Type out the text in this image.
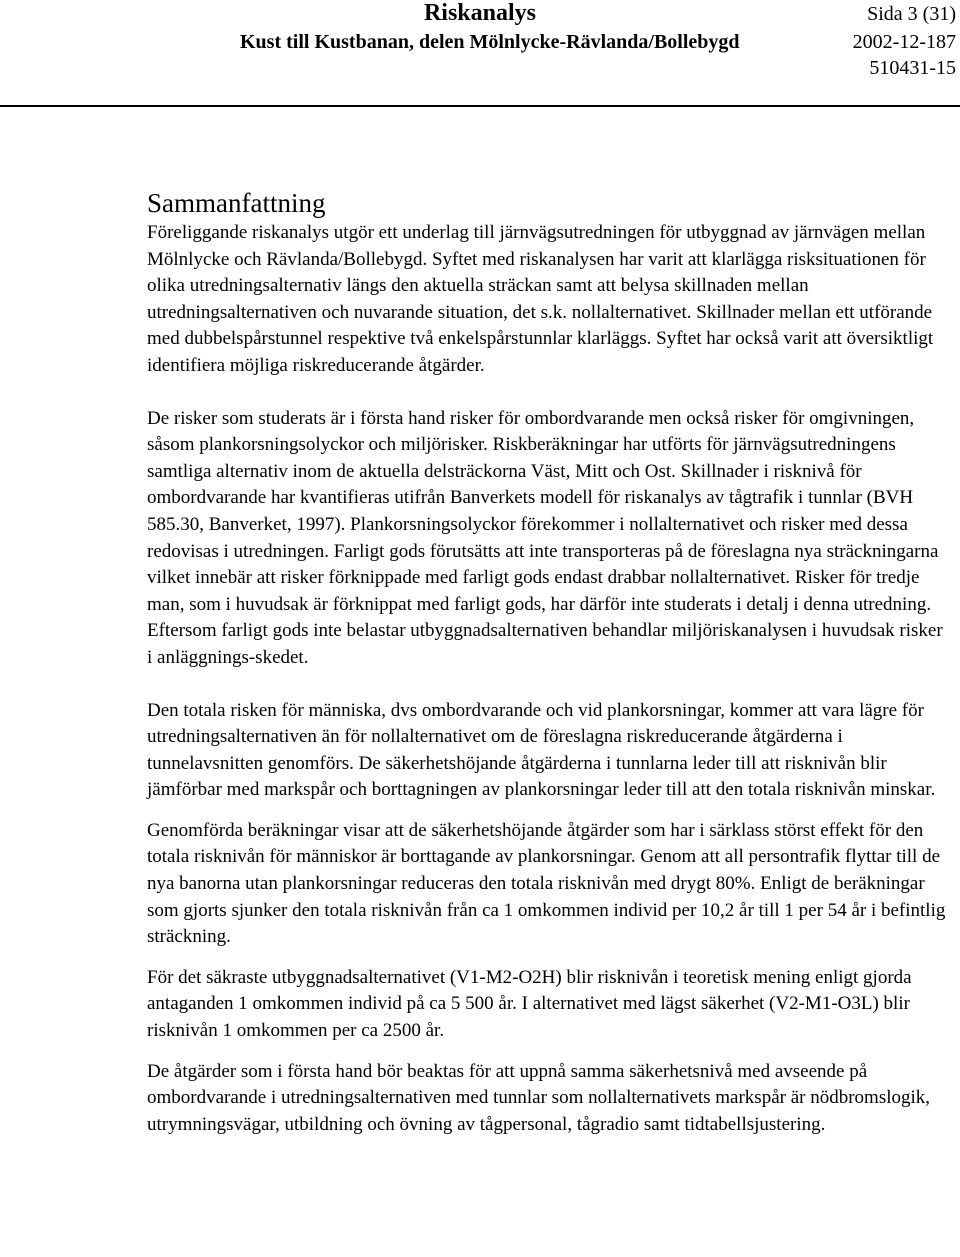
Riskanalys
Kust till Kustbanan, delen Mölnlycke-Rävlanda/Bollebygd
Sida 3 (31)
2002-12-187
510431-15
Sammanfattning

Föreliggande riskanalys utgör ett underlag till järnvägsutredningen för utbyggnad av järnvägen mellan Mölnlycke och Rävlanda/Bollebygd. Syftet med riskanalysen har varit att klarlägga risksituationen för olika utredningsalternativ längs den aktuella sträckan samt att belysa skillnaden mellan utredningsalternativen och nuvarande situation, det s.k. nollalternativet. Skillnader mellan ett utförande med dubbelspårstunnel respektive två enkelspårstunnlar klarläggs. Syftet har också varit att översiktligt identifiera möjliga riskreducerande åtgärder.

De risker som studerats är i första hand risker för ombordvarande men också risker för omgivningen, såsom plankorsningsolyckor och miljörisker. Riskberäkningar har utförts för järnvägsutredningens samtliga alternativ inom de aktuella delsträckorna Väst, Mitt och Ost. Skillnader i risknivå för ombordvarande har kvantifieras utifrån Banverkets modell för riskanalys av tågtrafik i tunnlar (BVH 585.30, Banverket, 1997). Plankorsningsolyckor förekommer i nollalternativet och risker med dessa redovisas i utredningen. Farligt gods förutsätts att inte transporteras på de föreslagna nya sträckningarna vilket innebär att risker förknippade med farligt gods endast drabbar nollalternativet. Risker för tredje man, som i huvudsak är förknippat med farligt gods, har därför inte studerats i detalj i denna utredning. Eftersom farligt gods inte belastar utbyggnadsalternativen behandlar miljöriskanalysen i huvudsak risker i anläggnings-skedet.

Den totala risken för människa, dvs ombordvarande och vid plankorsningar, kommer att vara lägre för utredningsalternativen än för nollalternativet om de föreslagna riskreducerande åtgärderna i tunnelavsnitten genomförs. De säkerhetshöjande åtgärderna i tunnlarna leder till att risknivån blir jämförbar med markspår och borttagningen av plankorsningar leder till att den totala risknivån minskar.

Genomförda beräkningar visar att de säkerhetshöjande åtgärder som har i särklass störst effekt för den totala risknivån för människor är borttagande av plankorsningar. Genom att all persontrafik flyttar till de nya banorna utan plankorsningar reduceras den totala risknivån med drygt 80%. Enligt de beräkningar som gjorts sjunker den totala risknivån från ca 1 omkommen individ per 10,2 år till 1 per 54 år i befintlig sträckning.

För det säkraste utbyggnadsalternativet (V1-M2-O2H) blir risknivån i teoretisk mening enligt gjorda antaganden 1 omkommen individ på ca 5 500 år. I alternativet med lägst säkerhet (V2-M1-O3L) blir risknivån 1 omkommen per ca 2500 år.

De åtgärder som i första hand bör beaktas för att uppnå samma säkerhetsnivå med avseende på ombordvarande i utredningsalternativen med tunnlar som nollalternativets markspår är nödbromslogik, utrymningsvägar, utbildning och övning av tågpersonal, tågradio samt tidtabellsjustering.
